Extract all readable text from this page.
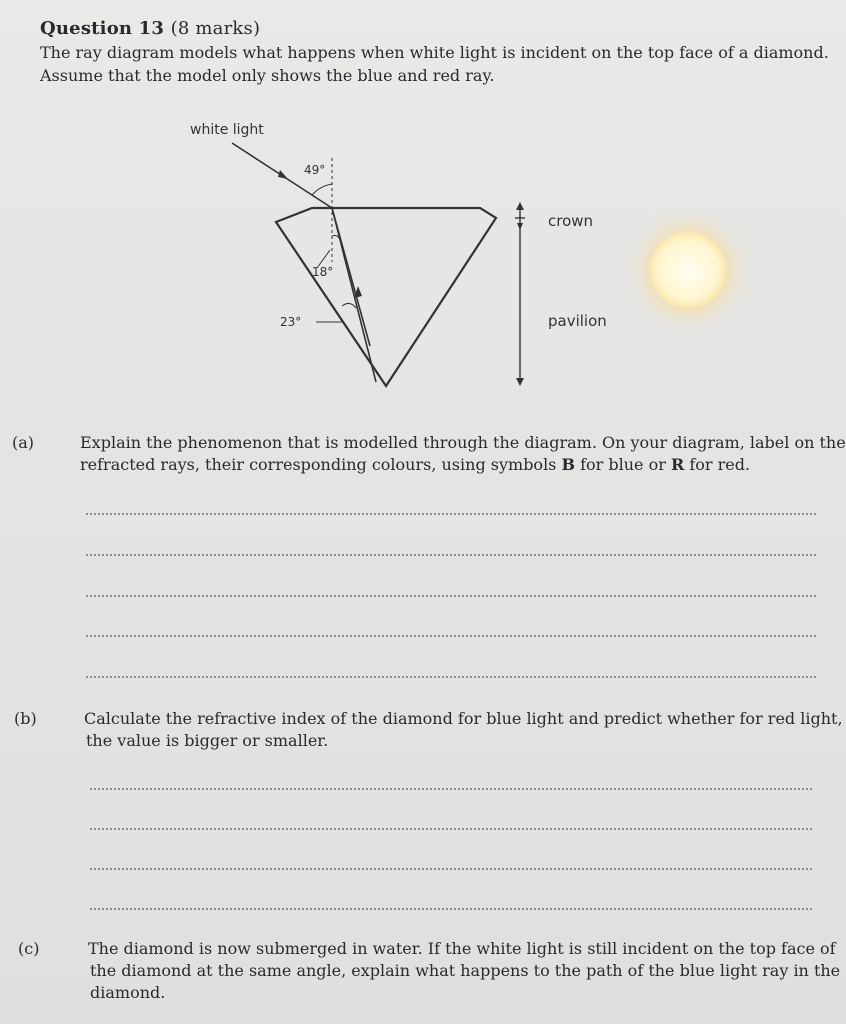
Question 13 (8 marks)
The ray diagram models what happens when white light is incident on the top face of a diamond.
Assume that the model only shows the blue and red ray.
white light
49°
18°
23°
crown
pavilion
(a)	Explain the phenomenon that is modelled through the diagram. On your diagram, label on the refracted rays, their corresponding colours, using symbols B for blue or R for red.
(b)	Calculate the refractive index of the diamond for blue light and predict whether for red light, the value is bigger or smaller.
(c)	The diamond is now submerged in water. If the white light is still incident on the top face of the diamond at the same angle, explain what happens to the path of the blue light ray in the diamond.
